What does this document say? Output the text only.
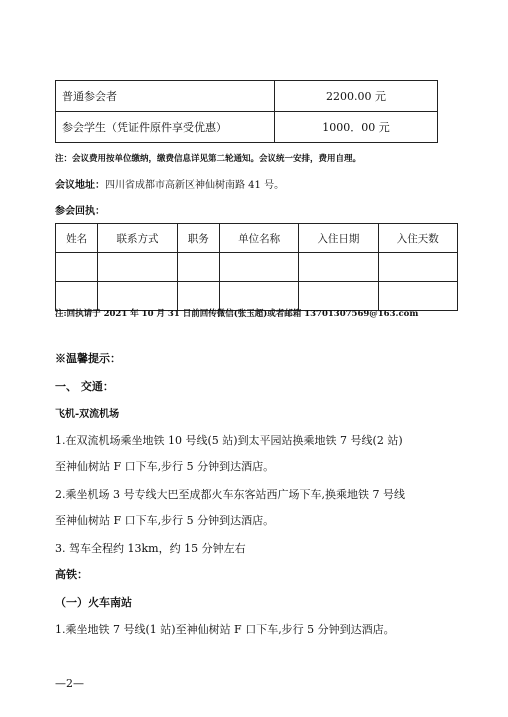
普通参会者	2200.00 元
参会学生（凭证件原件享受优惠）	1000．00 元
注：会议费用按单位缴纳，缴费信息详见第二轮通知。会议统一安排，费用自理。
会议地址：四川省成都市高新区神仙树南路 41 号。
参会回执：
姓名	联系方式	职务	单位名称	入住日期	入住天数

注:回执请于 2021 年 10 月 31 日前回传微信(张玉超)或者邮箱 13701307569@163.com
※温馨提示：
一、 交通：
飞机-双流机场
1.在双流机场乘坐地铁 10 号线(5 站)到太平园站换乘地铁 7 号线(2 站)
至神仙树站 F 口下车,步行 5 分钟到达酒店。
2.乘坐机场 3 号专线大巴至成都火车东客站西广场下车,换乘地铁 7 号线
至神仙树站 F 口下车,步行 5 分钟到达酒店。
3. 驾车全程约 13km，约 15 分钟左右
高铁：
（一）火车南站
1.乘坐地铁 7 号线(1 站)至神仙树站 F 口下车,步行 5 分钟到达酒店。
—2—
